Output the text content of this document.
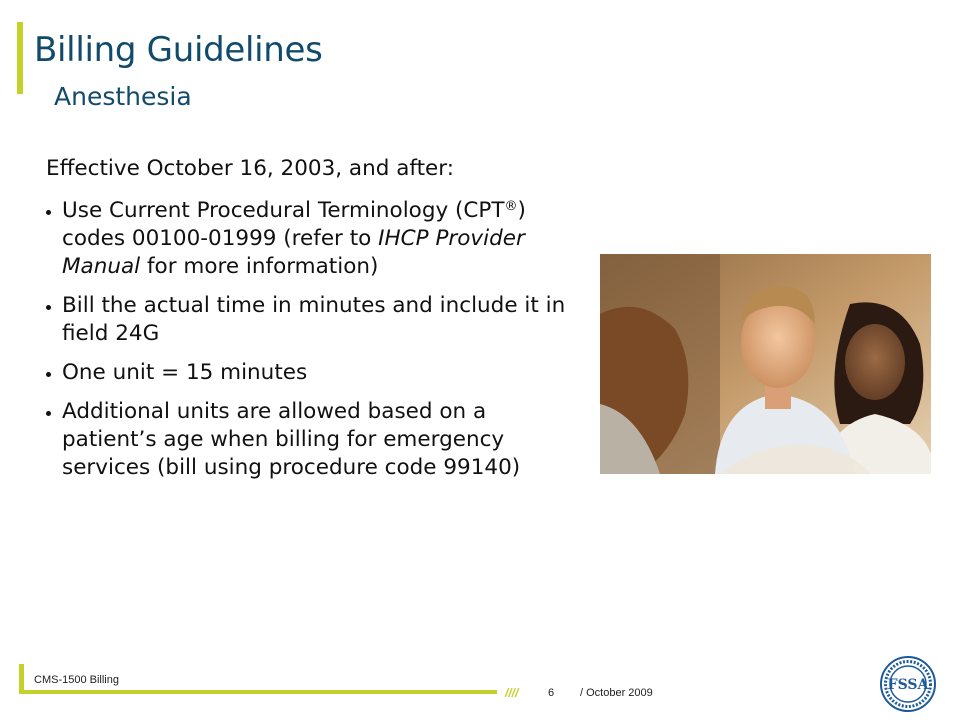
Billing Guidelines
Anesthesia

Effective October 16, 2003, and after:

Use Current Procedural Terminology (CPT®) codes 00100-01999 (refer to IHCP Provider Manual for more information)
Bill the actual time in minutes and include it in field 24G
One unit = 15 minutes
Additional units are allowed based on a patient’s age when billing for emergency services (bill using procedure code 99140)
CMS-1500 Billing
////	6 / October 2009	FSSA
